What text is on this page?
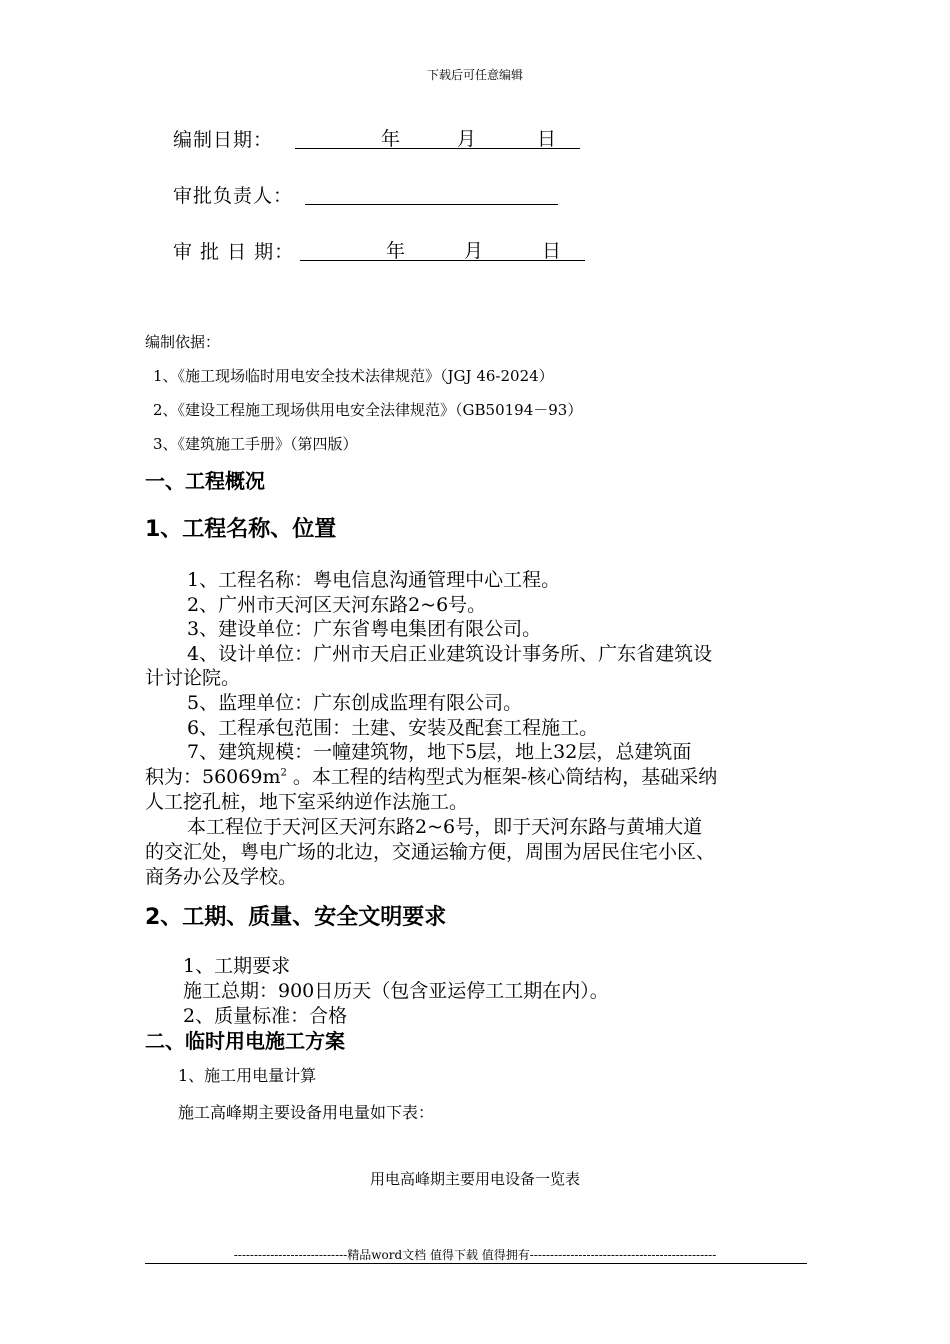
下载后可任意编辑
编制日期：	年	月	日
审批负责人：
审 批 日 期：	年	月	日
编制依据：
1、《施工现场临时用电安全技术法律规范》（JGJ 46-2024）
2、《建设工程施工现场供用电安全法律规范》（GB50194－93）
3、《建筑施工手册》（第四版）
一、工程概况
1、工程名称、位置
1、工程名称：粤电信息沟通管理中心工程。
2、广州市天河区天河东路2~6号。
3、建设单位：广东省粤电集团有限公司。
4、设计单位：广州市天启正业建筑设计事务所、广东省建筑设
计讨论院。
5、监理单位：广东创成监理有限公司。
6、工程承包范围：土建、安装及配套工程施工。
7、建筑规模：一幢建筑物，地下5层，地上32层，总建筑面
积为：$56069m^2$ 。本工程的结构型式为框架-核心筒结构，基础采纳
人工挖孔桩，地下室采纳逆作法施工。
本工程位于天河区天河东路2~6号，即于天河东路与黄埔大道
的交汇处，粤电广场的北边，交通运输方便，周围为居民住宅小区、
商务办公及学校。
2、工期、质量、安全文明要求
1、工期要求
施工总期：900日历天（包含亚运停工工期在内）。
2、质量标准：合格
二、临时用电施工方案
1、施工用电量计算
施工高峰期主要设备用电量如下表：
用电高峰期主要用电设备一览表
----------------------------精品word文档 值得下载 值得拥有----------------------------------------------
